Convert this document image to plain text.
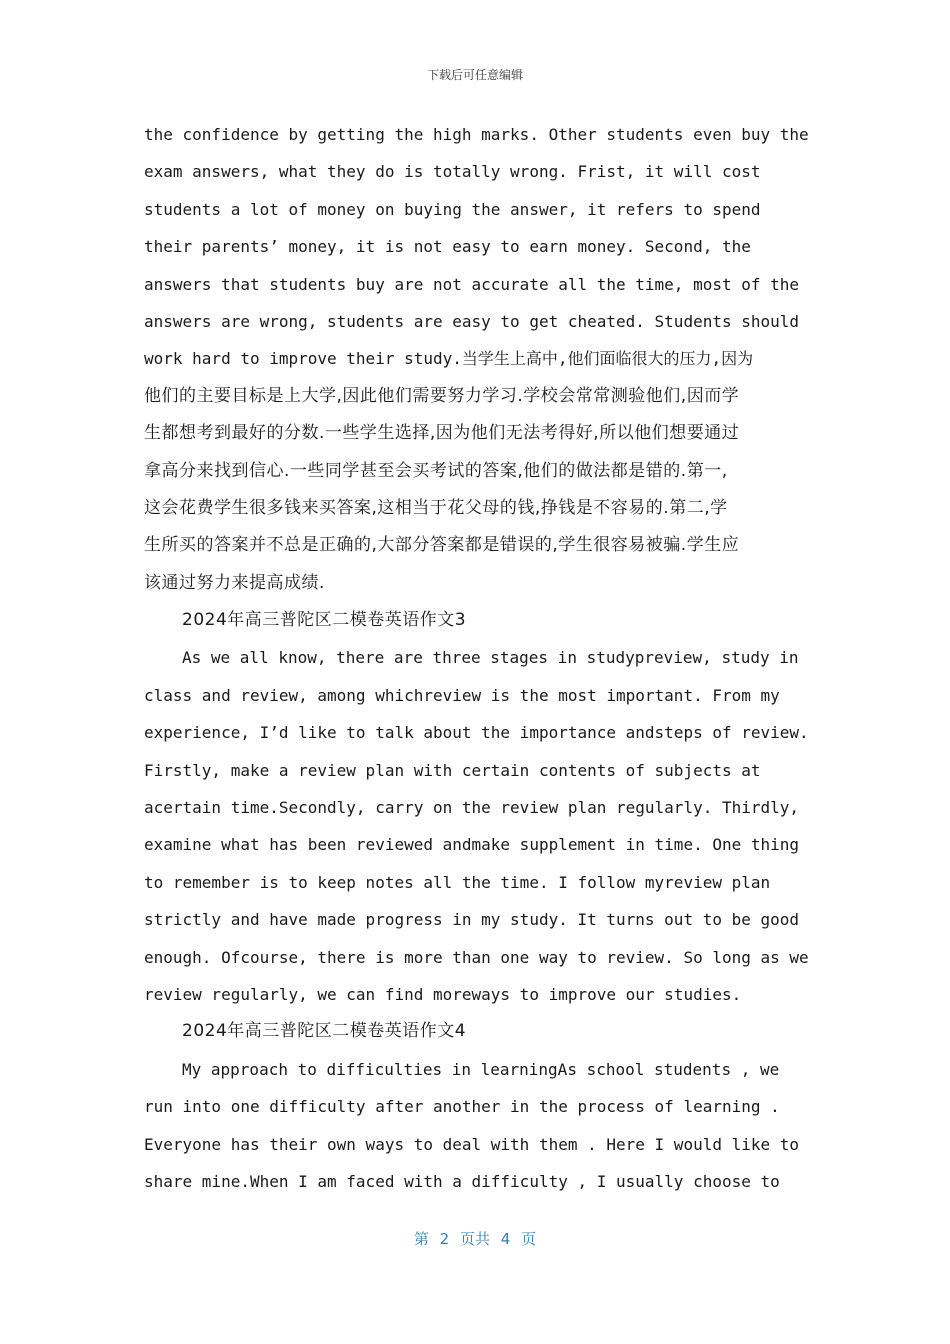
下载后可任意编辑
the confidence by getting the high marks. Other students even buy the
exam answers, what they do is totally wrong. Frist, it will cost
students a lot of money on buying the answer, it refers to spend
their parents’ money, it is not easy to earn money. Second, the
answers that students buy are not accurate all the time, most of the
answers are wrong, students are easy to get cheated. Students should
work hard to improve their study.当学生上高中,他们面临很大的压力,因为
他们的主要目标是上大学,因此他们需要努力学习.学校会常常测验他们,因而学
生都想考到最好的分数.一些学生选择,因为他们无法考得好,所以他们想要通过
拿高分来找到信心.一些同学甚至会买考试的答案,他们的做法都是错的.第一,
这会花费学生很多钱来买答案,这相当于花父母的钱,挣钱是不容易的.第二,学
生所买的答案并不总是正确的,大部分答案都是错误的,学生很容易被骗.学生应
该通过努力来提高成绩.
2024年高三普陀区二模卷英语作文3
As we all know, there are three stages in studypreview, study in
class and review, among whichreview is the most important. From my
experience, I’d like to talk about the importance andsteps of review.
Firstly, make a review plan with certain contents of subjects at
acertain time.Secondly, carry on the review plan regularly. Thirdly,
examine what has been reviewed andmake supplement in time. One thing
to remember is to keep notes all the time. I follow myreview plan
strictly and have made progress in my study. It turns out to be good
enough. Ofcourse, there is more than one way to review. So long as we
review regularly, we can find moreways to improve our studies.
2024年高三普陀区二模卷英语作文4
My approach to difficulties in learningAs school students , we
run into one difficulty after another in the process of learning .
Everyone has their own ways to deal with them . Here I would like to
share mine.When I am faced with a difficulty , I usually choose to
第 2 页共 4 页
